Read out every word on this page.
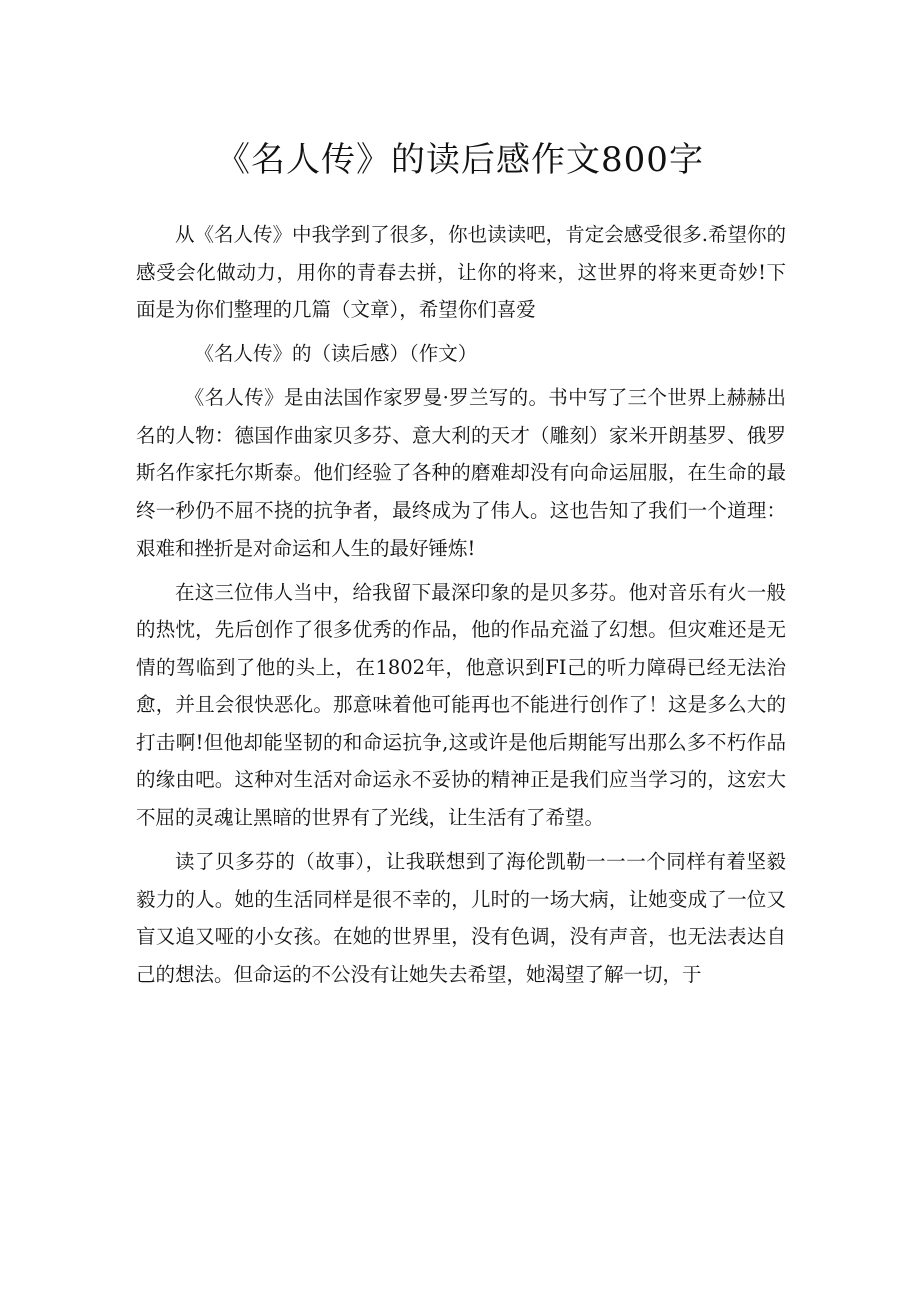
《名人传》的读后感作文800字

从《名人传》中我学到了很多，你也读读吧，肯定会感受很多.希望你的感受会化做动力，用你的青春去拼，让你的将来，这世界的将来更奇妙!下面是为你们整理的几篇（文章），希望你们喜爱

《名人传》的（读后感）（作文）

《名人传》是由法国作家罗曼·罗兰写的。书中写了三个世界上赫赫出名的人物：德国作曲家贝多芬、意大利的天才（雕刻）家米开朗基罗、俄罗斯名作家托尔斯泰。他们经验了各种的磨难却没有向命运屈服，在生命的最终一秒仍不屈不挠的抗争者，最终成为了伟人。这也告知了我们一个道理：艰难和挫折是对命运和人生的最好锤炼!

在这三位伟人当中，给我留下最深印象的是贝多芬。他对音乐有火一般的热忱，先后创作了很多优秀的作品，他的作品充溢了幻想。但灾难还是无情的驾临到了他的头上，在1802年，他意识到FI己的听力障碍已经无法治愈，并且会很快恶化。那意味着他可能再也不能进行创作了！这是多么大的打击啊!但他却能坚韧的和命运抗争,这或许是他后期能写出那么多不朽作品的缘由吧。这种对生活对命运永不妥协的精神正是我们应当学习的，这宏大不屈的灵魂让黑暗的世界有了光线，让生活有了希望。

读了贝多芬的（故事），让我联想到了海伦凯勒一一一个同样有着坚毅毅力的人。她的生活同样是很不幸的，儿时的一场大病，让她变成了一位又盲又追又哑的小女孩。在她的世界里，没有色调，没有声音，也无法表达自己的想法。但命运的不公没有让她失去希望，她渴望了解一切，于
